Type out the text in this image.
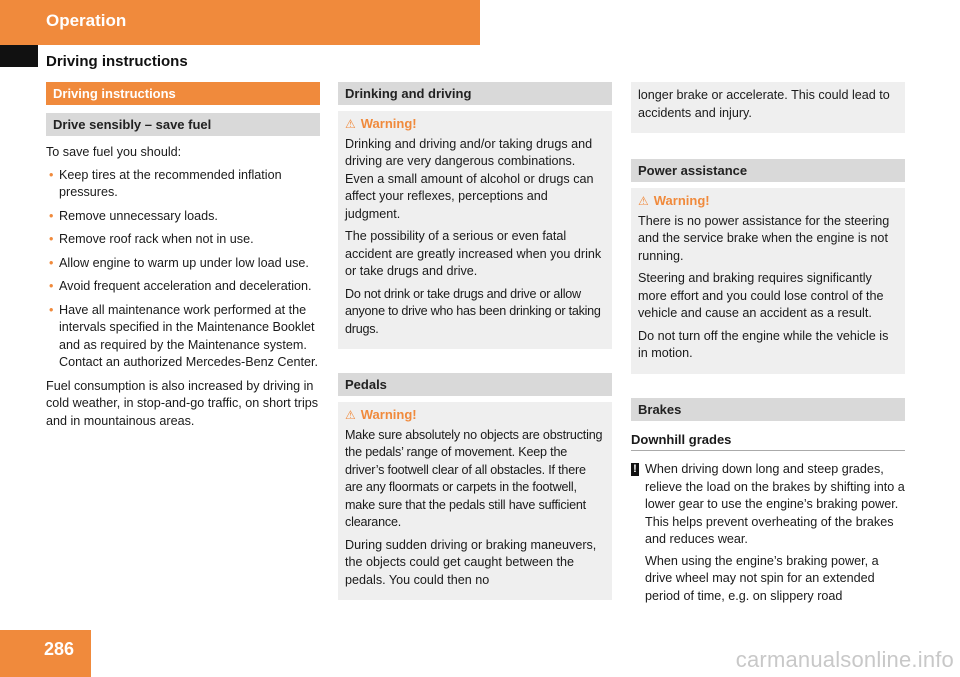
Operation
Driving instructions
Driving instructions
Drive sensibly – save fuel

To save fuel you should:

• Keep tires at the recommended inflation pressures.
• Remove unnecessary loads.
• Remove roof rack when not in use.
• Allow engine to warm up under low load use.
• Avoid frequent acceleration and deceleration.
• Have all maintenance work performed at the intervals specified in the Maintenance Booklet and as required by the Maintenance system. Contact an authorized Mercedes-Benz Center.

Fuel consumption is also increased by driving in cold weather, in stop-and-go traffic, on short trips and in mountainous areas.

Drinking and driving
⚠ Warning!

Drinking and driving and/or taking drugs and driving are very dangerous combinations. Even a small amount of alcohol or drugs can affect your reflexes, perceptions and judgment.

The possibility of a serious or even fatal accident are greatly increased when you drink or take drugs and drive.

Do not drink or take drugs and drive or allow anyone to drive who has been drinking or taking drugs.

Pedals
⚠ Warning!

Make sure absolutely no objects are obstructing the pedals’ range of movement. Keep the driver’s footwell clear of all obstacles. If there are any floormats or carpets in the footwell, make sure that the pedals still have sufficient clearance.

During sudden driving or braking maneuvers, the objects could get caught between the pedals. You could then no

longer brake or accelerate. This could lead to accidents and injury.

Power assistance
⚠ Warning!

There is no power assistance for the steering and the service brake when the engine is not running.

Steering and braking requires significantly more effort and you could lose control of the vehicle and cause an accident as a result.

Do not turn off the engine while the vehicle is in motion.

Brakes
Downhill grades
! When driving down long and steep grades, relieve the load on the brakes by shifting into a lower gear to use the engine’s braking power. This helps prevent overheating of the brakes and reduces wear.

When using the engine’s braking power, a drive wheel may not spin for an extended period of time, e.g. on slippery road

286	carmanualsonline.info
